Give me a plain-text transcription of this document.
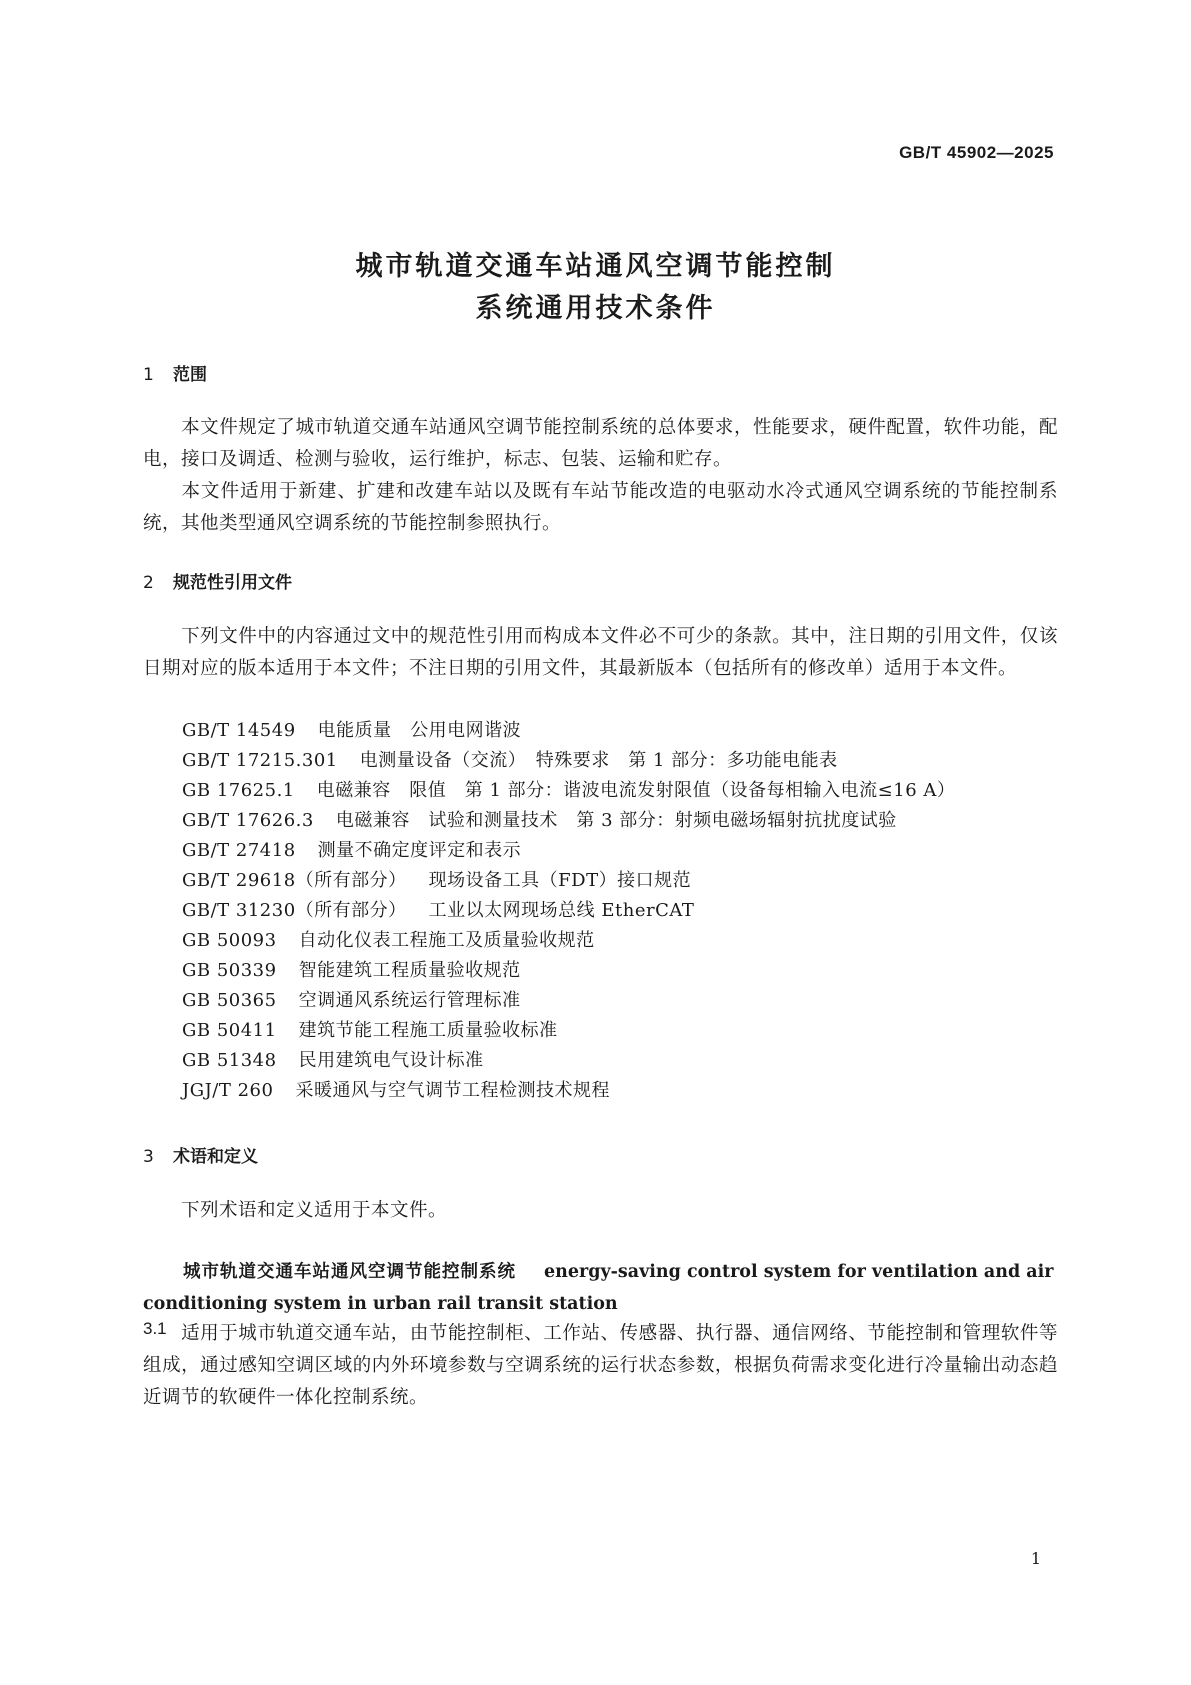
GB/T 45902—2025
城市轨道交通车站通风空调节能控制
系统通用技术条件
1 范围
本文件规定了城市轨道交通车站通风空调节能控制系统的总体要求，性能要求，硬件配置，软件功能，配电，接口及调适、检测与验收，运行维护，标志、包装、运输和贮存。
本文件适用于新建、扩建和改建车站以及既有车站节能改造的电驱动水冷式通风空调系统的节能控制系统，其他类型通风空调系统的节能控制参照执行。
2 规范性引用文件
下列文件中的内容通过文中的规范性引用而构成本文件必不可少的条款。其中，注日期的引用文件，仅该日期对应的版本适用于本文件；不注日期的引用文件，其最新版本（包括所有的修改单）适用于本文件。
GB/T 14549 电能质量　公用电网谐波
GB/T 17215.301 电测量设备（交流）　特殊要求　第 1 部分：多功能电能表
GB 17625.1 电磁兼容　限值　第 1 部分：谐波电流发射限值（设备每相输入电流≤16 A）
GB/T 17626.3 电磁兼容　试验和测量技术　第 3 部分：射频电磁场辐射抗扰度试验
GB/T 27418 测量不确定度评定和表示
GB/T 29618（所有部分） 现场设备工具（FDT）接口规范
GB/T 31230（所有部分） 工业以太网现场总线 EtherCAT
GB 50093 自动化仪表工程施工及质量验收规范
GB 50339 智能建筑工程质量验收规范
GB 50365 空调通风系统运行管理标准
GB 50411 建筑节能工程施工质量验收标准
GB 51348 民用建筑电气设计标准
JGJ/T 260 采暖通风与空气调节工程检测技术规程
3 术语和定义
下列术语和定义适用于本文件。
3.1
城市轨道交通车站通风空调节能控制系统 energy-saving control system for ventilation and air conditioning system in urban rail transit station
适用于城市轨道交通车站，由节能控制柜、工作站、传感器、执行器、通信网络、节能控制和管理软件等组成，通过感知空调区域的内外环境参数与空调系统的运行状态参数，根据负荷需求变化进行冷量输出动态趋近调节的软硬件一体化控制系统。
1
